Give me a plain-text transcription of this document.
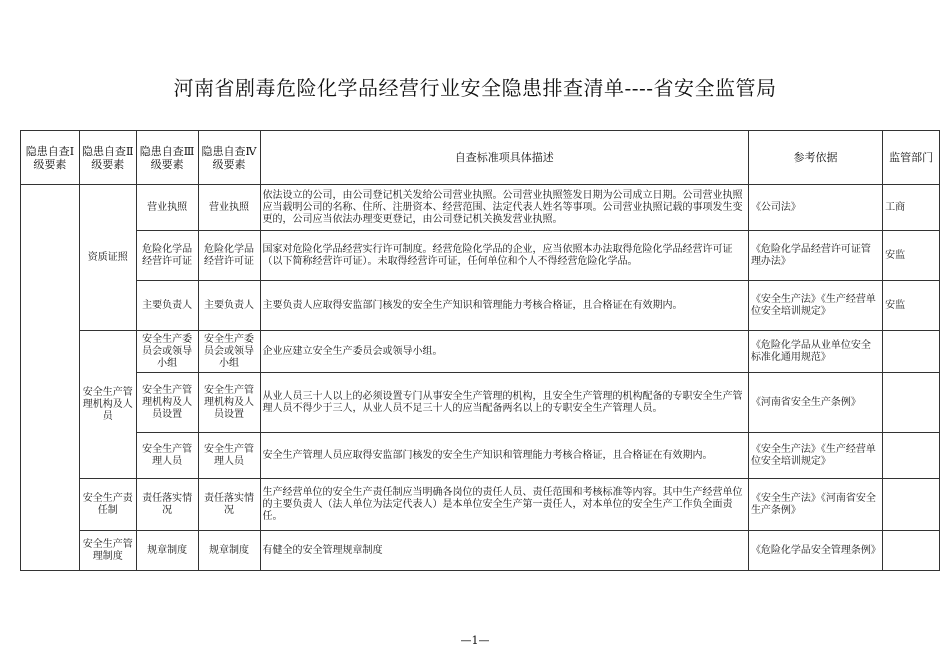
河南省剧毒危险化学品经营行业安全隐患排查清单----省安全监管局
隐患自查Ⅰ级要素	隐患自查Ⅱ级要素	隐患自查Ⅲ级要素	隐患自查Ⅳ级要素	自查标准项具体描述	参考依据	监管部门
	资质证照	营业执照	营业执照	依法设立的公司，由公司登记机关发给公司营业执照。公司营业执照签发日期为公司成立日期。公司营业执照应当载明公司的名称、住所、注册资本、经营范围、法定代表人姓名等事项。公司营业执照记载的事项发生变更的，公司应当依法办理变更登记，由公司登记机关换发营业执照。	《公司法》	工商
		危险化学品经营许可证	危险化学品经营许可证	国家对危险化学品经营实行许可制度。经营危险化学品的企业，应当依照本办法取得危险化学品经营许可证（以下简称经营许可证）。未取得经营许可证，任何单位和个人不得经营危险化学品。	《危险化学品经营许可证管理办法》	安监
		主要负责人	主要负责人	主要负责人应取得安监部门核发的安全生产知识和管理能力考核合格证，且合格证在有效期内。	《安全生产法》《生产经营单位安全培训规定》	安监
	安全生产管理机构及人员	安全生产委员会或领导小组	安全生产委员会或领导小组	企业应建立安全生产委员会或领导小组。	《危险化学品从业单位安全标准化通用规范》	
		安全生产管理机构及人员设置	安全生产管理机构及人员设置	从业人员三十人以上的必须设置专门从事安全生产管理的机构，且安全生产管理的机构配备的专职安全生产管理人员不得少于三人，从业人员不足三十人的应当配备两名以上的专职安全生产管理人员。	《河南省安全生产条例》	
		安全生产管理人员	安全生产管理人员	安全生产管理人员应取得安监部门核发的安全生产知识和管理能力考核合格证，且合格证在有效期内。	《安全生产法》《生产经营单位安全培训规定》	
	安全生产责任制	责任落实情况	责任落实情况	生产经营单位的安全生产责任制应当明确各岗位的责任人员、责任范围和考核标准等内容。其中生产经营单位的主要负责人（法人单位为法定代表人）是本单位安全生产第一责任人，对本单位的安全生产工作负全面责任。	《安全生产法》《河南省安全生产条例》	
	安全生产管理制度	规章制度	规章制度	有健全的安全管理规章制度	《危险化学品安全管理条例》	
—1—
